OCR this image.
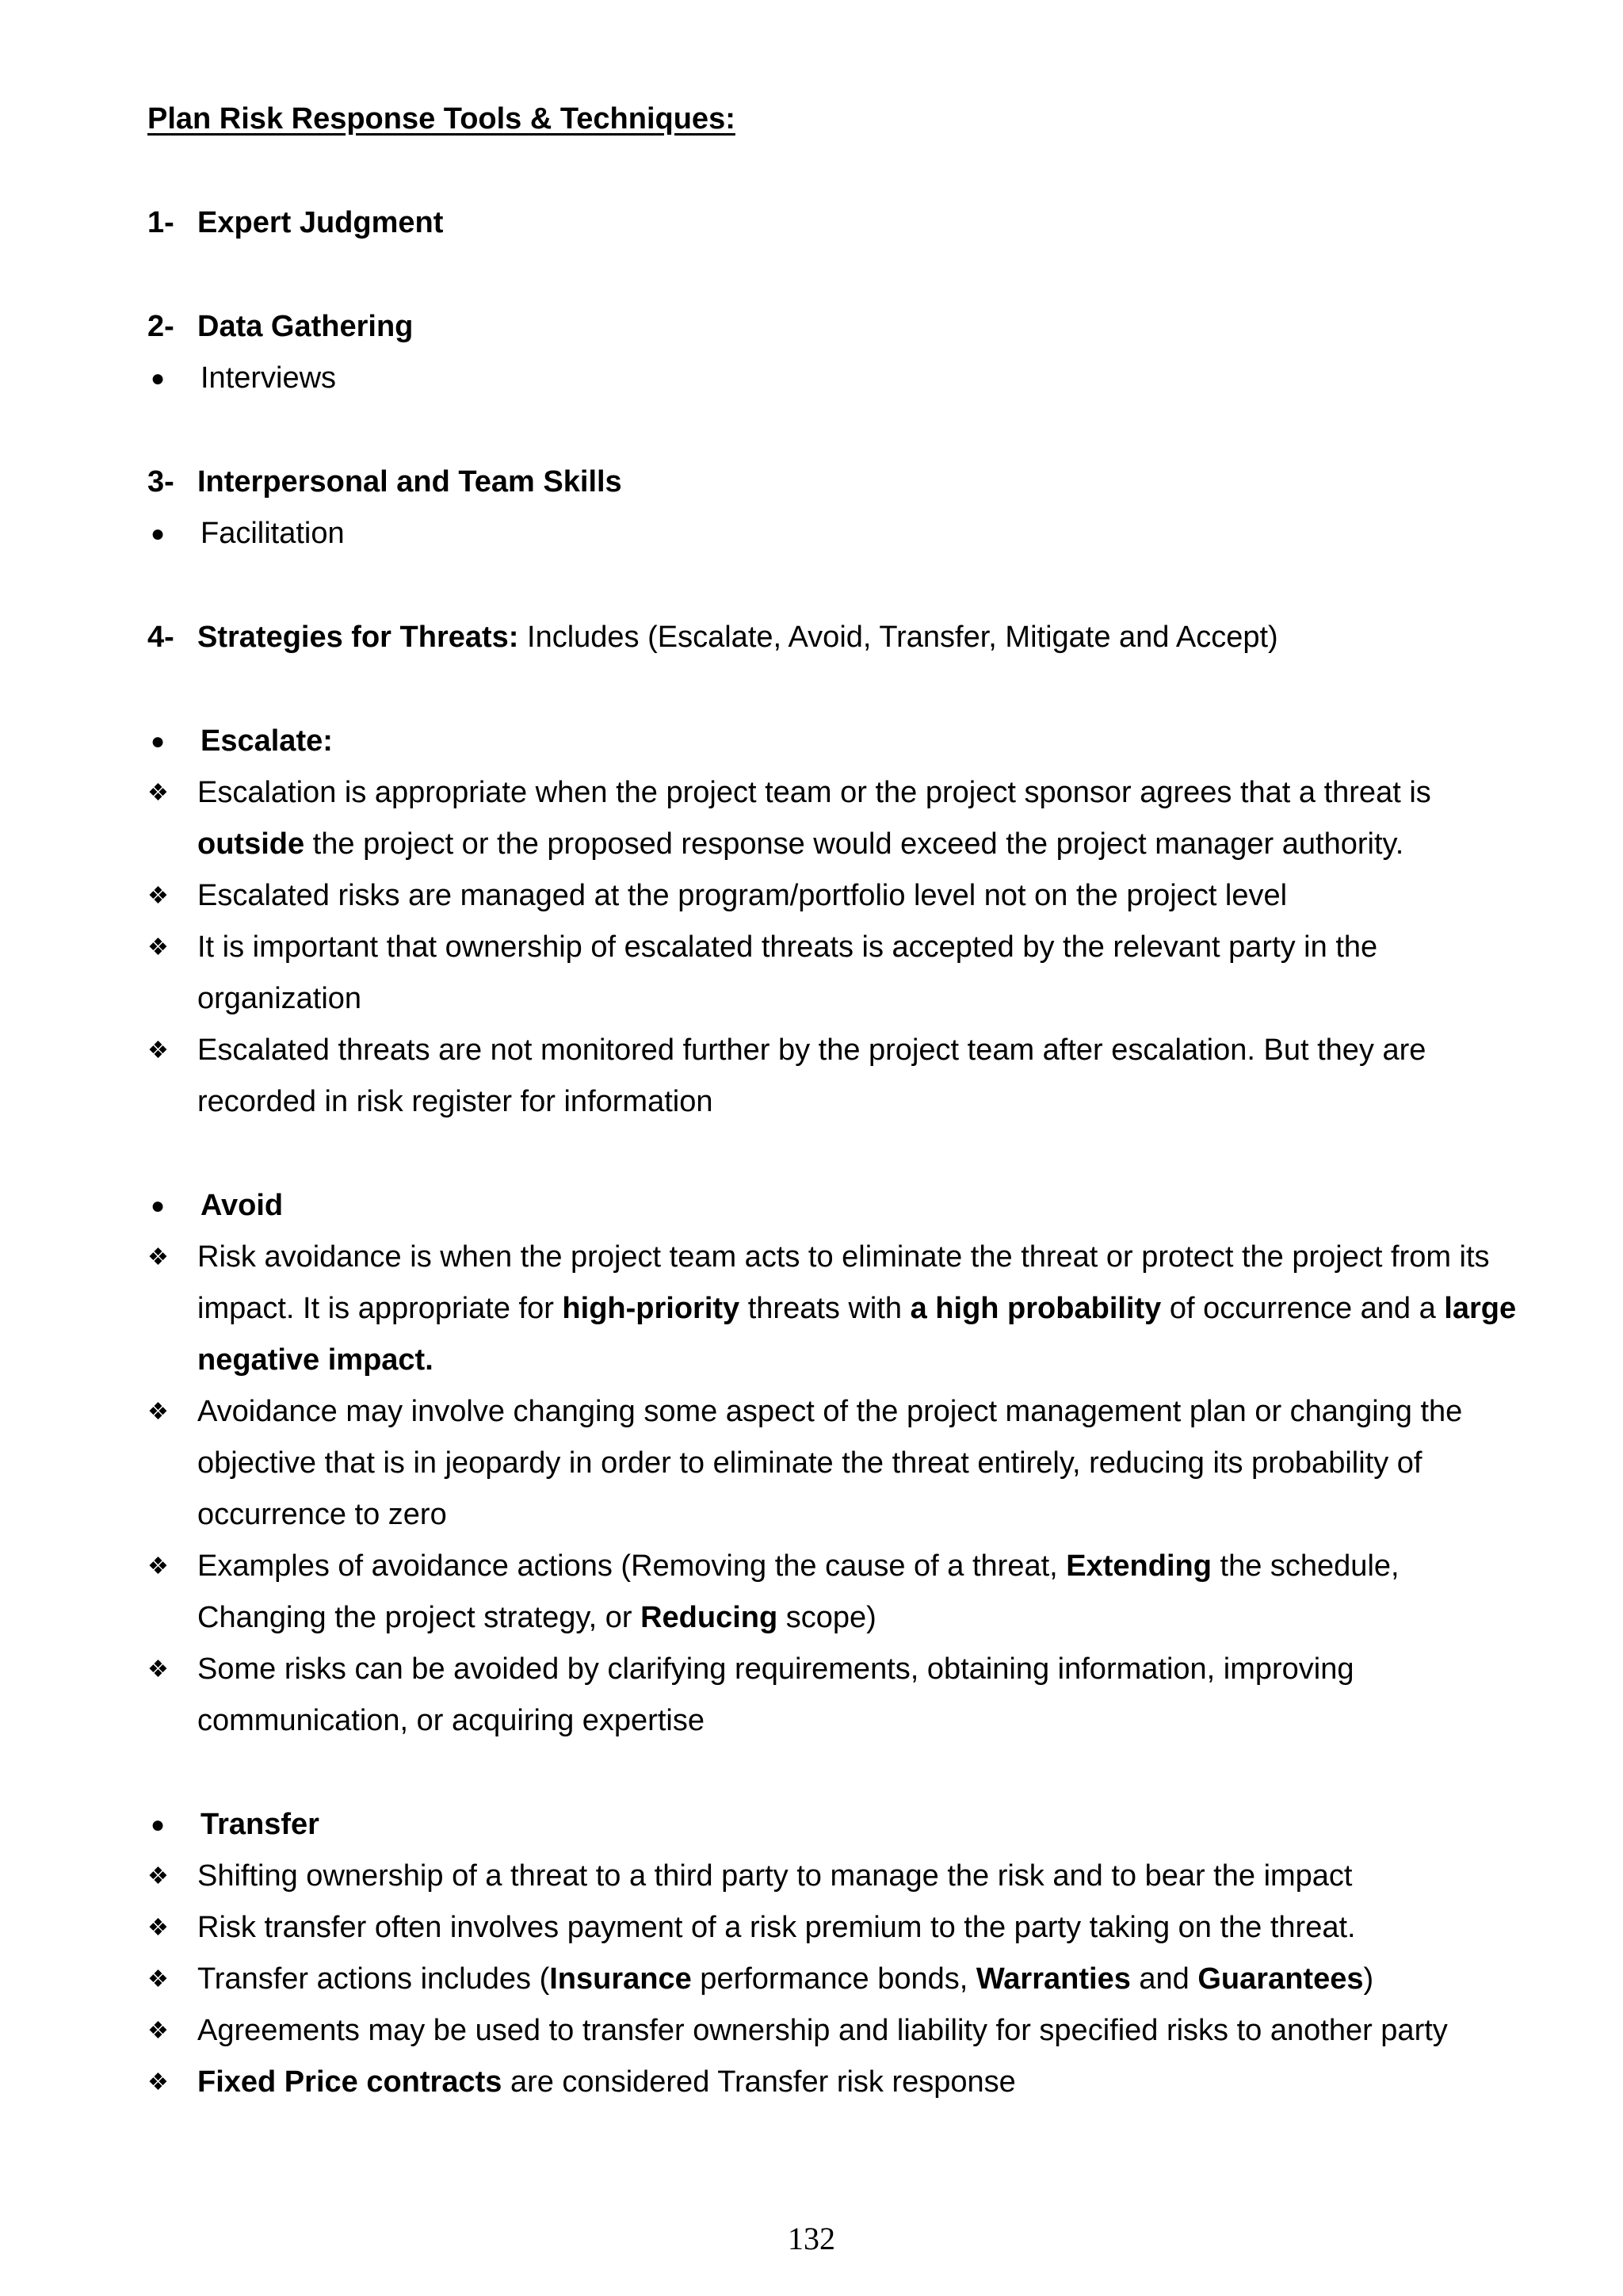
Plan Risk Response Tools & Techniques:
1- Expert Judgment
2- Data Gathering
●	Interviews
3- Interpersonal and Team Skills
●	Facilitation
4- Strategies for Threats: Includes (Escalate, Avoid, Transfer, Mitigate and Accept)
●	Escalate:
❖ Escalation is appropriate when the project team or the project sponsor agrees that a threat is outside the project or the proposed response would exceed the project manager authority.
❖ Escalated risks are managed at the program/portfolio level not on the project level
❖ It is important that ownership of escalated threats is accepted by the relevant party in the organization
❖ Escalated threats are not monitored further by the project team after escalation. But they are recorded in risk register for information
●	Avoid
❖ Risk avoidance is when the project team acts to eliminate the threat or protect the project from its impact. It is appropriate for high-priority threats with a high probability of occurrence and a large negative impact.
❖ Avoidance may involve changing some aspect of the project management plan or changing the objective that is in jeopardy in order to eliminate the threat entirely, reducing its probability of occurrence to zero
❖ Examples of avoidance actions (Removing the cause of a threat, Extending the schedule, Changing the project strategy, or Reducing scope)
❖ Some risks can be avoided by clarifying requirements, obtaining information, improving communication, or acquiring expertise
●	Transfer
❖ Shifting ownership of a threat to a third party to manage the risk and to bear the impact
❖ Risk transfer often involves payment of a risk premium to the party taking on the threat.
❖ Transfer actions includes (Insurance performance bonds, Warranties and Guarantees)
❖ Agreements may be used to transfer ownership and liability for specified risks to another party
❖ Fixed Price contracts are considered Transfer risk response
132
